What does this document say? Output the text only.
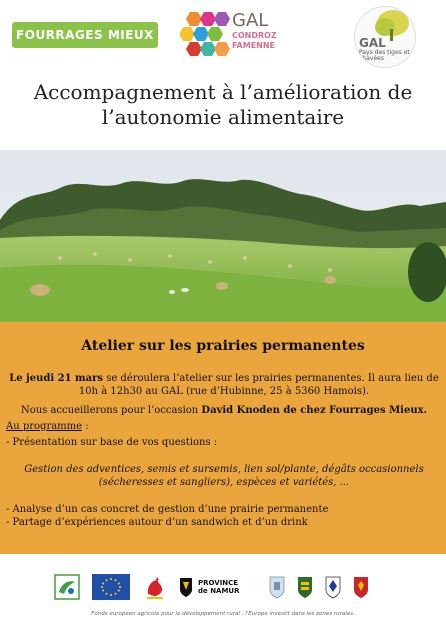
FOURRAGES MIEUX
GAL
CONDROZ
FAMENNE	GAL
Pays des tiges et chavées
Accompagnement à l’amélioration de
l’autonomie alimentaire
Atelier sur les prairies permanentes

Le jeudi 21 mars se déroulera l’atelier sur les prairies permanentes. Il aura lieu de 10h à 12h30 au GAL (rue d’Hubinne, 25 à 5360 Hamois).

Nous accueillerons pour l’occasion David Knoden de chez Fourrages Mieux.

Au programme :

- Présentation sur base de vos questions :

Gestion des adventices, semis et sursemis, lien sol/plante, dégâts occasionnels

(sécheresses et sangliers), espèces et variétés, ...

- Analyse d’un cas concret de gestion d’une prairie permanente

- Partage d’expériences autour d’un sandwich et d’un drink

PROVINCE
de NAMUR
Fonds européen agricole pour le développement rural : l'Europe investit dans les zones rurales.
